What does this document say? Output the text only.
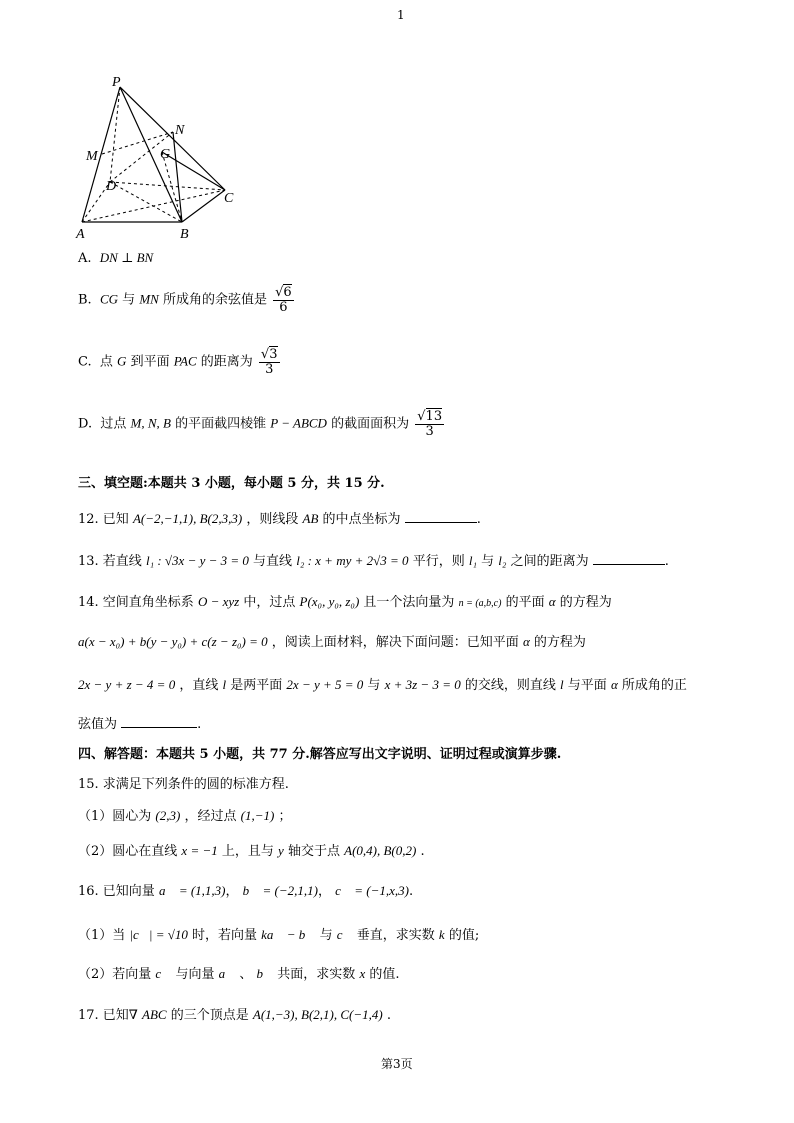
1
P
N
M	G
D
C
A	B
A. DN ⊥ BN
B. CG 与 MN 所成角的余弦值是 $\frac{√6}{6}$
C. 点 G 到平面 PAC 的距离为 $\frac{√3}{3}$
D. 过点 M, N, B 的平面截四棱锥 P − ABCD 的截面面积为 $\frac{√13}{3}$
三、填空题:本题共 3 小题，每小题 5 分，共 15 分.
12. 已知 A(−2,−1,1), B(2,3,3) ，则线段 AB 的中点坐标为	.
13. 若直线 l₁ : √3x − y − 3 = 0 与直线 l₂ : x + my + 2√3 = 0 平行，则 l₁ 与 l₂ 之间的距离为	.
14. 空间直角坐标系 O − xyz 中，过点 P(x₀, y₀, z₀) 且一个法向量为 n = (a,b,c) 的平面 α 的方程为
a(x − x₀) + b(y − y₀) + c(z − z₀) = 0 ，阅读上面材料，解决下面问题：已知平面 α 的方程为
2x − y + z − 4 = 0 ，直线 l 是两平面 2x − y + 5 = 0 与 x + 3z − 3 = 0 的交线，则直线 l 与平面 α 所成角的正
弦值为	.
四、解答题：本题共 5 小题，共 77 分.解答应写出文字说明、证明过程或演算步骤.
15. 求满足下列条件的圆的标准方程.
（1）圆心为 (2,3) ，经过点 (1,−1) ；
（2）圆心在直线 x = −1 上，且与 y 轴交于点 A(0,4), B(0,2) .
16. 已知向量 a⃗ = (1,1,3)， b⃗ = (−2,1,1)， c⃗ = (−1,x,3).
（1）当 |c⃗| = √10 时，若向量 ka⃗ − b⃗ 与 c⃗ 垂直，求实数 k 的值;
（2）若向量 c⃗ 与向量 a⃗ 、 b⃗ 共面，求实数 x 的值.
17. 已知∇ ABC 的三个顶点是 A(1,−3), B(2,1), C(−1,4) .
第3页
